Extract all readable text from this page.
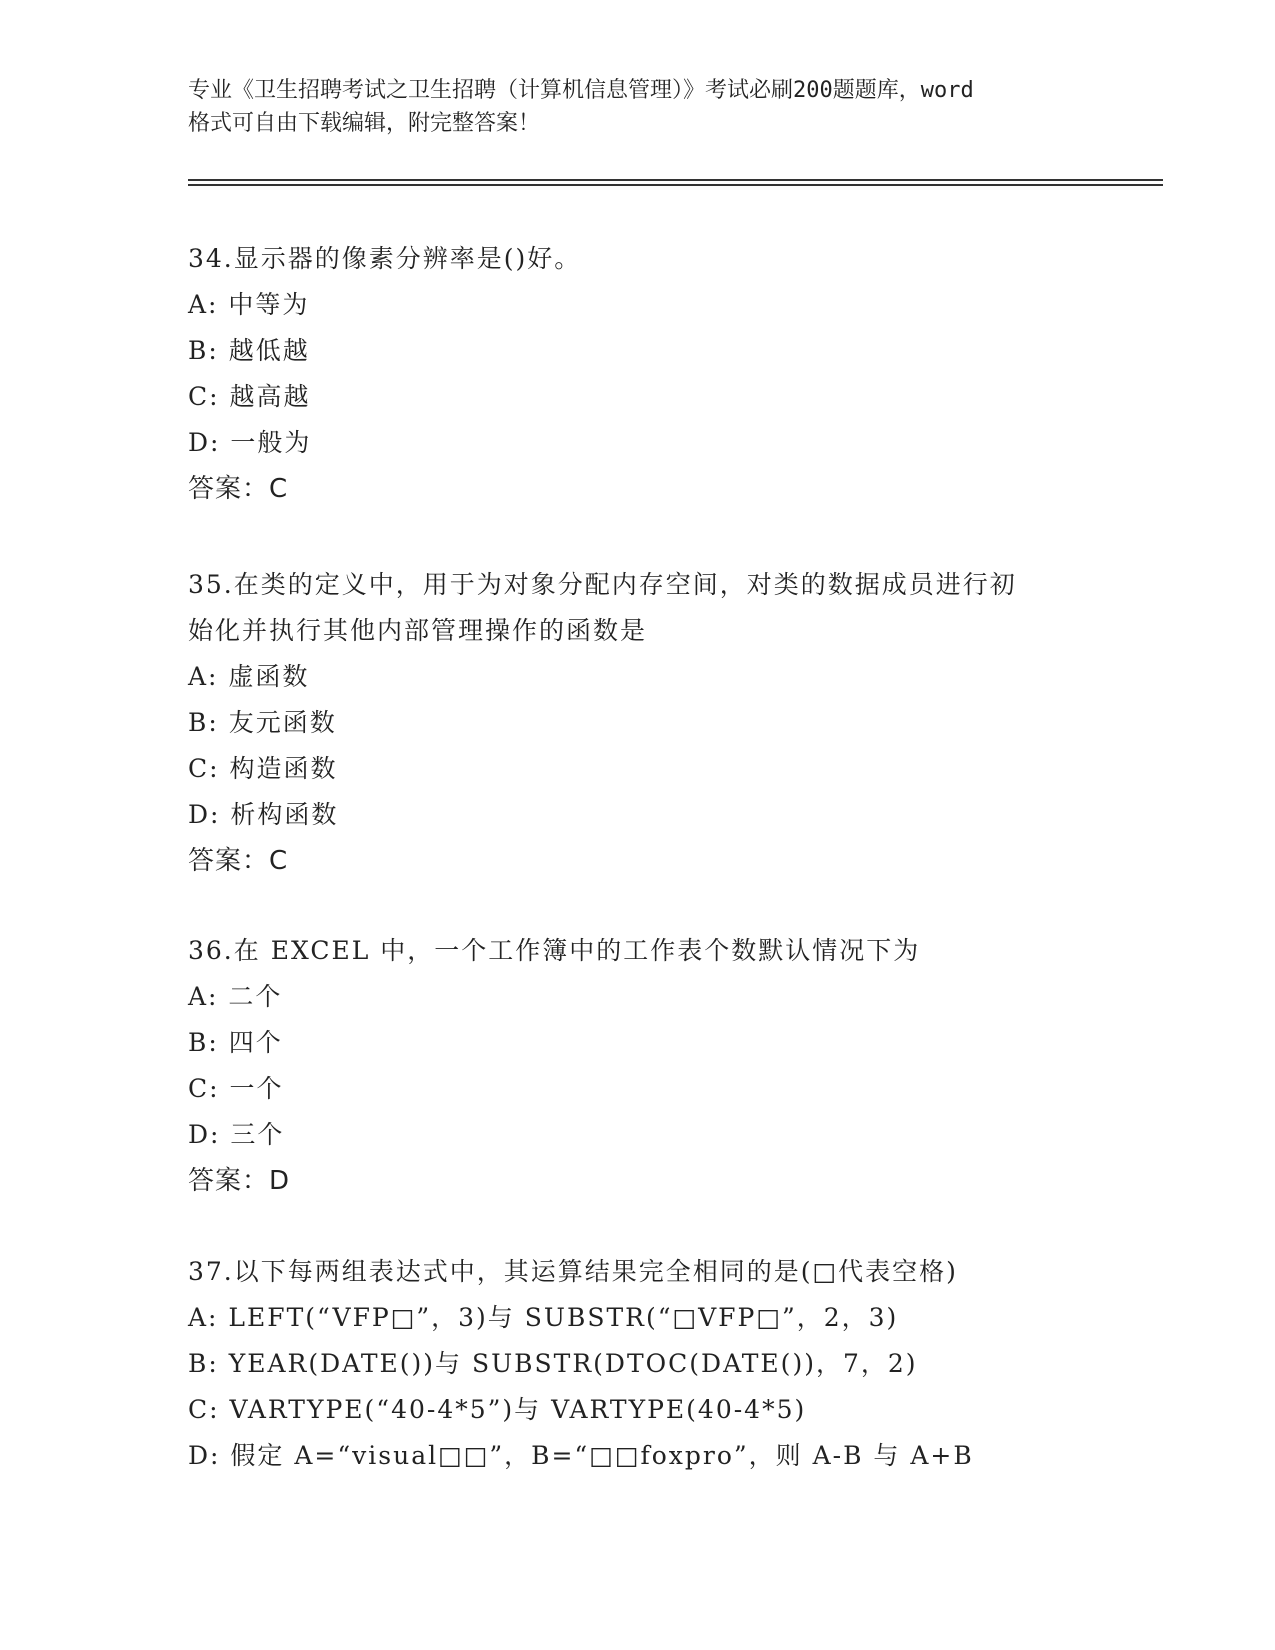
专业《卫生招聘考试之卫生招聘（计算机信息管理）》考试必刷200题题库，word
格式可自由下载编辑，附完整答案！
34.显示器的像素分辨率是()好。
A: 中等为
B: 越低越
C: 越高越
D: 一般为
答案：C
35.在类的定义中，用于为对象分配内存空间，对类的数据成员进行初
始化并执行其他内部管理操作的函数是
A: 虚函数
B: 友元函数
C: 构造函数
D: 析构函数
答案：C
36.在 EXCEL 中，一个工作簿中的工作表个数默认情况下为
A: 二个
B: 四个
C: 一个
D: 三个
答案：D
37.以下每两组表达式中，其运算结果完全相同的是(□代表空格)
A: LEFT(“VFP□”，3)与 SUBSTR(“□VFP□”，2，3)
B: YEAR(DATE())与 SUBSTR(DTOC(DATE())，7，2)
C: VARTYPE(“40-4*5”)与 VARTYPE(40-4*5)
D: 假定 A=“visual□□”，B=“□□foxpro”，则 A-B 与 A+B
